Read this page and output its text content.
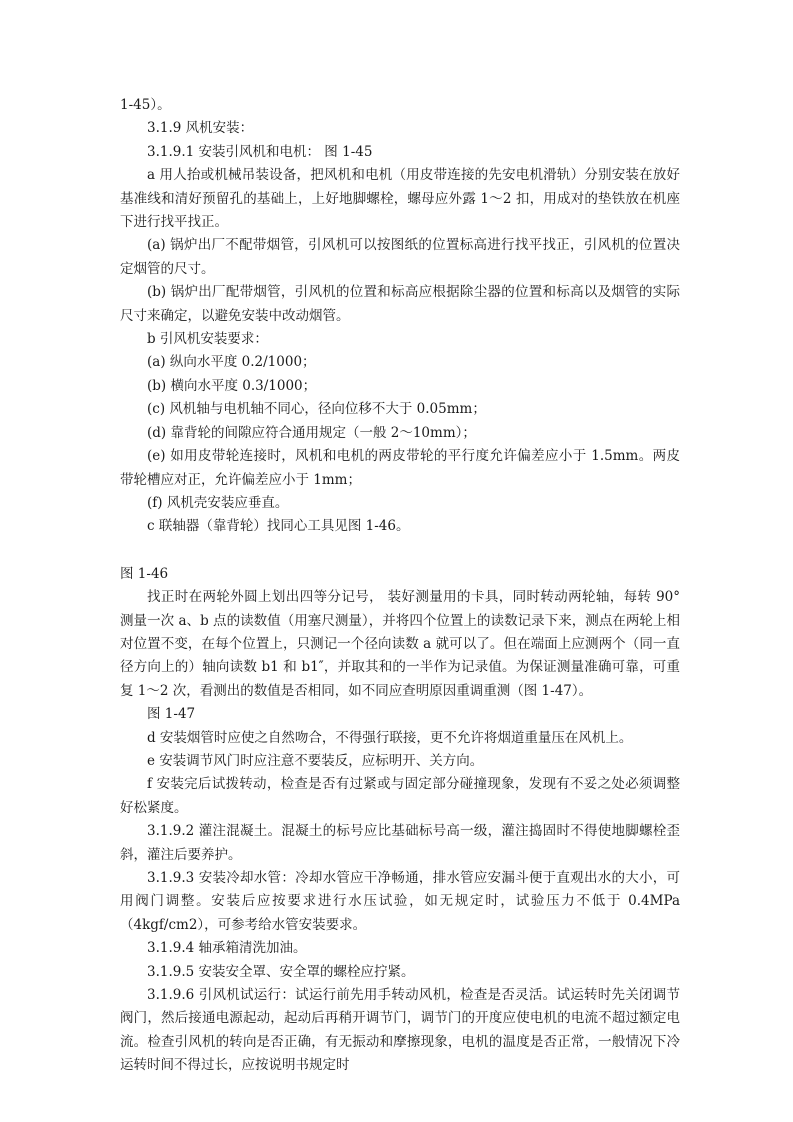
1-45）。

3.1.9 风机安装：

3.1.9.1 安装引风机和电机： 图 1-45

a 用人抬或机械吊装设备，把风机和电机（用皮带连接的先安电机滑轨）分别安装在放好基准线和清好预留孔的基础上，上好地脚螺栓，螺母应外露 1～2 扣，用成对的垫铁放在机座下进行找平找正。

(a) 锅炉出厂不配带烟管，引风机可以按图纸的位置标高进行找平找正，引风机的位置决定烟管的尺寸。

(b) 锅炉出厂配带烟管，引风机的位置和标高应根据除尘器的位置和标高以及烟管的实际尺寸来确定，以避免安装中改动烟管。

b 引风机安装要求：

(a) 纵向水平度 0.2/1000；

(b) 横向水平度 0.3/1000；

(c) 风机轴与电机轴不同心，径向位移不大于 0.05mm；

(d) 靠背轮的间隙应符合通用规定（一般 2～10mm）；

(e) 如用皮带轮连接时，风机和电机的两皮带轮的平行度允许偏差应小于 1.5mm。两皮带轮槽应对正，允许偏差应小于 1mm；

(f) 风机壳安装应垂直。

c 联轴器（靠背轮）找同心工具见图 1-46。

图 1-46

找正时在两轮外圆上划出四等分记号， 装好测量用的卡具，同时转动两轮轴，每转 90° 测量一次 a、b 点的读数值（用塞尺测量），并将四个位置上的读数记录下来，测点在两轮上相对位置不变，在每个位置上，只测记一个径向读数 a 就可以了。但在端面上应测两个（同一直径方向上的）轴向读数 b1 和 b1″，并取其和的一半作为记录值。为保证测量准确可靠，可重复 1～2 次，看测出的数值是否相同，如不同应查明原因重调重测（图 1-47）。

图 1-47

d 安装烟管时应使之自然吻合，不得强行联接，更不允许将烟道重量压在风机上。

e 安装调节风门时应注意不要装反，应标明开、关方向。

f 安装完后试拨转动，检查是否有过紧或与固定部分碰撞现象，发现有不妥之处必须调整好松紧度。

3.1.9.2 灌注混凝土。混凝土的标号应比基础标号高一级，灌注捣固时不得使地脚螺栓歪斜，灌注后要养护。

3.1.9.3 安装冷却水管：冷却水管应干净畅通，排水管应安漏斗便于直观出水的大小，可用阀门调整。安装后应按要求进行水压试验，如无规定时，试验压力不低于 0.4MPa（4kgf/cm2），可参考给水管安装要求。

3.1.9.4 轴承箱清洗加油。

3.1.9.5 安装安全罩、安全罩的螺栓应拧紧。

3.1.9.6 引风机试运行：试运行前先用手转动风机，检查是否灵活。试运转时先关闭调节阀门，然后接通电源起动，起动后再稍开调节门，调节门的开度应使电机的电流不超过额定电流。检查引风机的转向是否正确，有无振动和摩擦现象，电机的温度是否正常，一般情况下冷运转时间不得过长，应按说明书规定时
